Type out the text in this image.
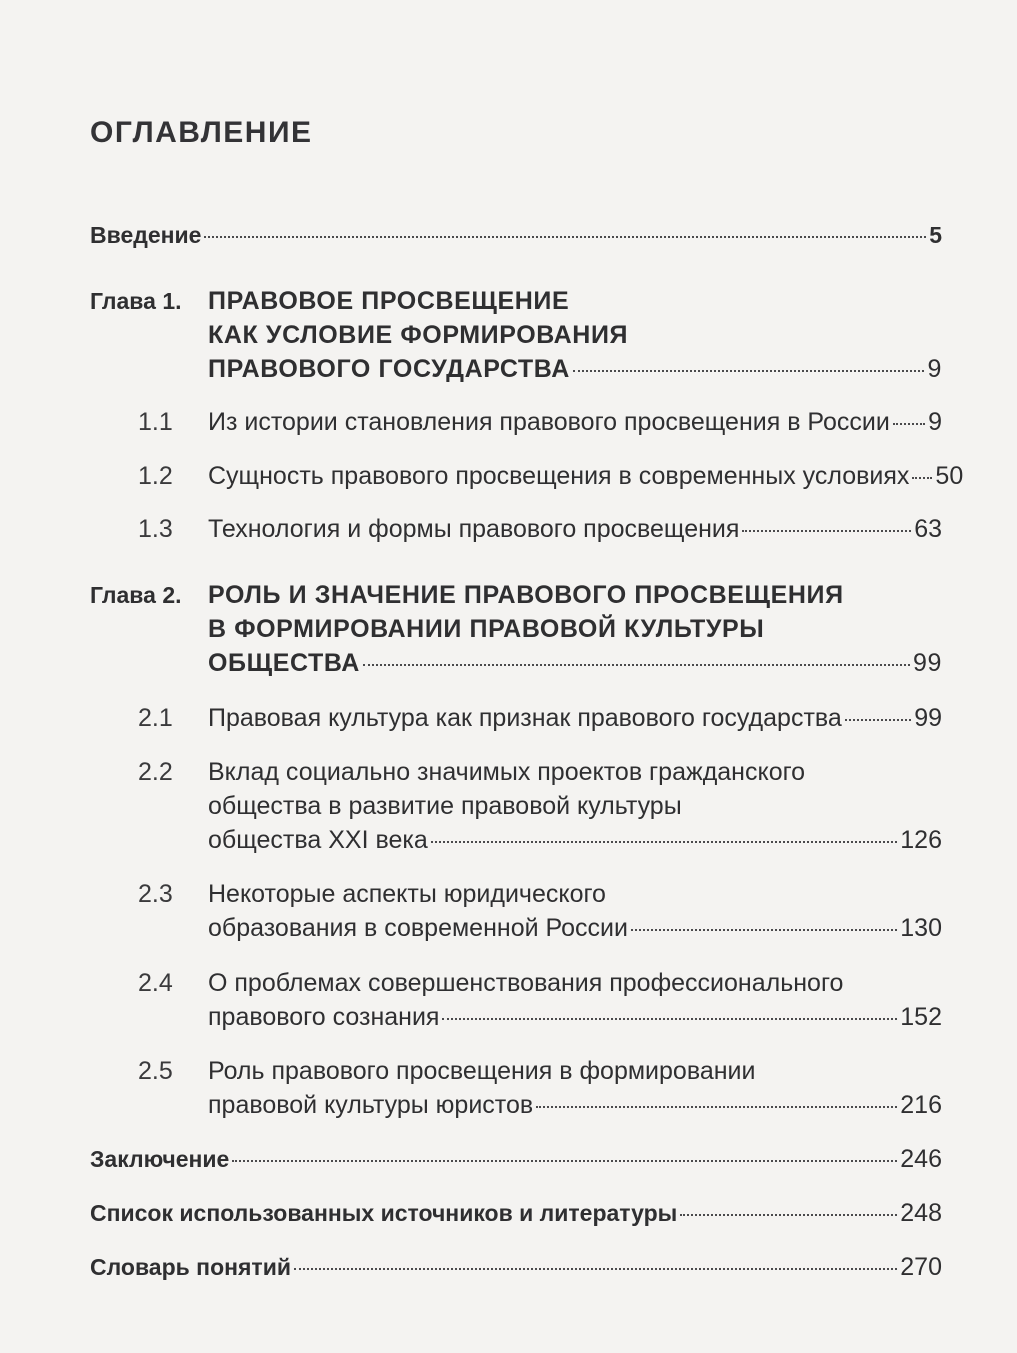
ОГЛАВЛЕНИЕ
Введение	5
Глава 1. ПРАВОВОЕ ПРОСВЕЩЕНИЕ
КАК УСЛОВИЕ ФОРМИРОВАНИЯ
ПРАВОВОГО ГОСУДАРСТВА	9
1.1 Из истории становления правового просвещения в России 9
1.2 Сущность правового просвещения в современных условиях 50
1.3 Технология и формы правового просвещения	63
Глава 2. РОЛЬ И ЗНАЧЕНИЕ ПРАВОВОГО ПРОСВЕЩЕНИЯ
В ФОРМИРОВАНИИ ПРАВОВОЙ КУЛЬТУРЫ
ОБЩЕСТВА	99
2.1 Правовая культура как признак правового государства	99
2.2 Вклад социально значимых проектов гражданского
общества в развитие правовой культуры
общества XXI века	126
2.3 Некоторые аспекты юридического
образования в современной России	130
2.4 О проблемах совершенствования профессионального
правового сознания	152
2.5 Роль правового просвещения в формировании
правовой культуры юристов	216
Заключение	246
Список использованных источников и литературы	248
Словарь понятий	270
